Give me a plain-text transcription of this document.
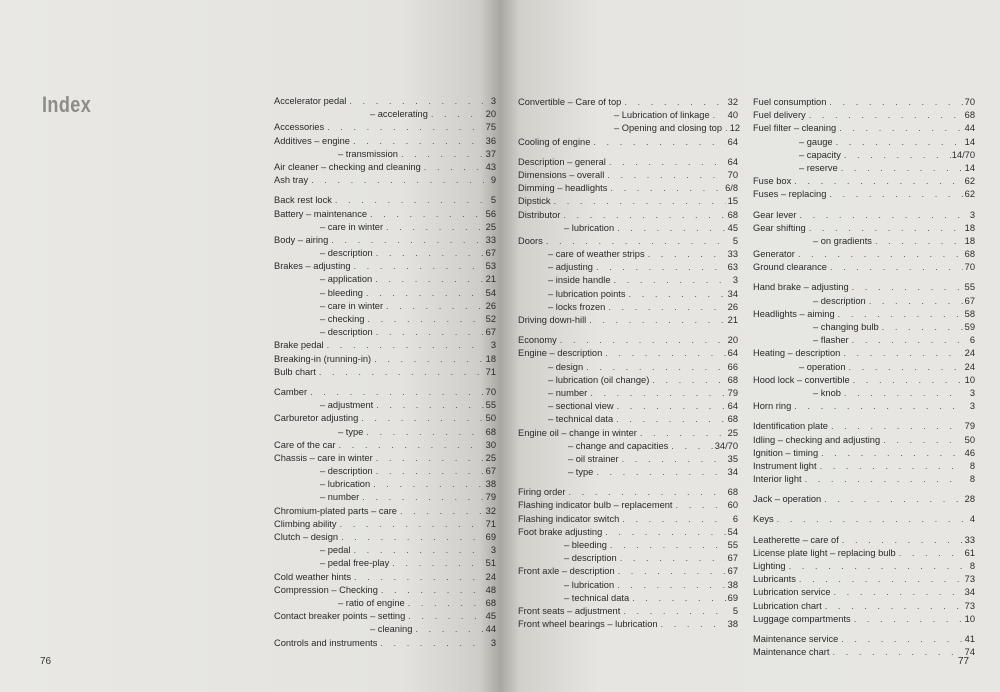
Index	Accelerator pedal . . .	3
– accelerating . . .	20
Accessories . . .	75
Additives – engine . . .	36
– transmission . . .	37
Air cleaner – checking and cleaning . . .	43
Ash tray . . .	9
Back rest lock . . .	5
Battery – maintenance . . .	56
– care in winter . . .	25
Body – airing . . .	33
– description . . .	67
Brakes – adjusting . . .	53
– application . . .	21
– bleeding . . .	54
– care in winter . . .	26
– checking . . .	52
– description . . .	67
Brake pedal . . .	3
Breaking-in (running-in) . . .	18
Bulb chart . . .	71
Camber . . .	70
– adjustment . . .	55
Carburetor adjusting . . .	50
– type . . .	68
Care of the car . . .	30
Chassis – care in winter . . .	25
– description . . .	67
– lubrication . . .	38
– number . . .	79
Chromium-plated parts – care . . .	32
Climbing ability . . .	71
Clutch – design . . .	69
– pedal . . .	3
– pedal free-play . . .	51
Cold weather hints . . .	24
Compression – Checking . . .	48
– ratio of engine . . .	68
Contact breaker points – setting . . .	45
– cleaning . . .	44
Controls and instruments . . .	3
76
Convertible – Care of top . . .	32
– Lubrication of linkage . . . 40
– Opening and closing top . . . 12
Cooling of engine . . .	64
Description – general . . .	64
Dimensions – overall . . .	70
Dimming – headlights . . .	6/8
Dipstick . . .	15
Distributor . . .	68
– lubrication . . .	45
Doors . . .	5
– care of weather strips . . .	33
– adjusting . . .	63
– inside handle . . .	3
– lubrication points . . .	34
– locks frozen . . .	26
Driving down-hill . . .	21
Economy . . .	20
Engine – description . . .	64
– design . . .	66
– lubrication (oil change) . . .	68
– number . . .	79
– sectional view . . .	64
– technical data . . .	68
Engine oil – change in winter . . .	25
– change and capacities . . .	34/70
– oil strainer . . .	35
– type . . .	34
Firing order . . .	68
Flashing indicator bulb – replacement . . .	60
Flashing indicator switch . . .	6
Foot brake adjusting . . .	54
– bleeding . . .	55
– description . . .	67
Front axle – description . . .	67
– lubrication . . .	38
– technical data . . .	69
Front seats – adjustment . . .	5
Front wheel bearings – lubrication . . .	38
Fuel consumption . . .	70
Fuel delivery . . .	68
Fuel filter – cleaning . . .	44
– gauge . . .	14
– capacity . . .	14/70
– reserve . . .	14
Fuse box . . .	62
Fuses – replacing . . .	62
Gear lever . . .	3
Gear shifting . . .	18
– on gradients . . .	18
Generator . . .	68
Ground clearance . . .	70
Hand brake – adjusting . . .	55
– description . . .	67
Headlights – aiming . . .	58
– changing bulb . . .	59
– flasher . . .	6
Heating – description . . .	24
– operation . . .	24
Hood lock – convertible . . .	10
– knob . . .	3
Horn ring . . .	3
Identification plate . . .	79
Idling – checking and adjusting . . .	50
Ignition – timing . . .	46
Instrument light . . .	8
Interior light . . .	8
Jack – operation . . .	28
Keys . . .	4
Leatherette – care of . . .	33
License plate light – replacing bulb . . .	61
Lighting . . .	8
Lubricants . . .	73
Lubrication service . . .	34
Lubrication chart . . .	73
Luggage compartments . . .	10
Maintenance service . . .	41
Maintenance chart . . .	74
77
